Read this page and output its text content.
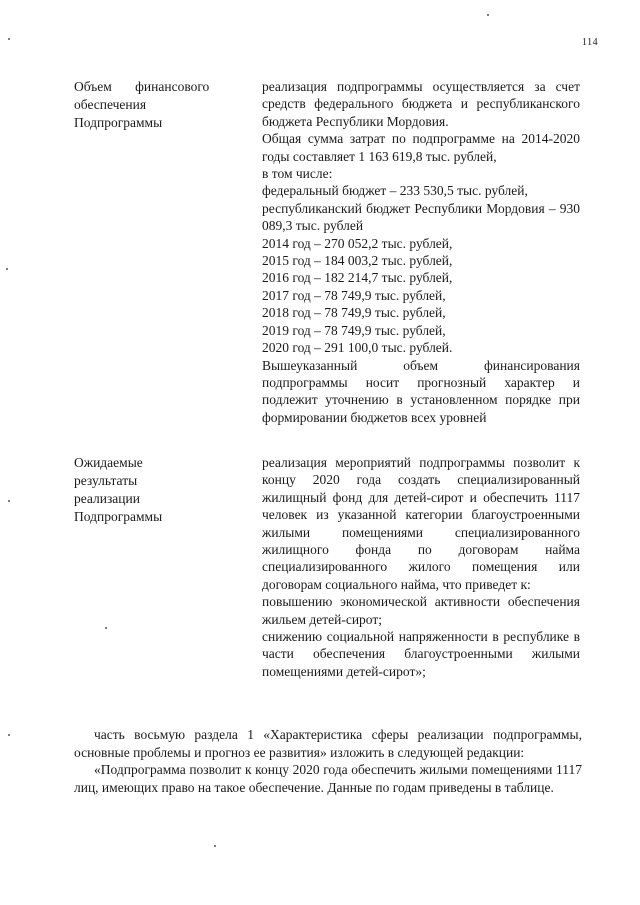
114
Объем финансового
обеспечения
Подпрограммы

реализация подпрограммы осуществляется за счет средств федерального бюджета и республиканского бюджета Республики Мордовия.

Общая сумма затрат по подпрограмме на 2014-2020 годы составляет 1 163 619,8 тыс. рублей,

в том числе:

федеральный бюджет – 233 530,5 тыс. рублей,

республиканский бюджет Республики Мордовия – 930 089,3 тыс. рублей

2014 год – 270 052,2 тыс. рублей,

2015 год – 184 003,2 тыс. рублей,

2016 год – 182 214,7 тыс. рублей,

2017 год – 78 749,9 тыс. рублей,

2018 год – 78 749,9 тыс. рублей,

2019 год – 78 749,9 тыс. рублей,

2020 год – 291 100,0 тыс. рублей.

Вышеуказанный объем финансирования подпрограммы носит прогнозный характер и подлежит уточнению в установленном порядке при формировании бюджетов всех уровней

Ожидаемые
результаты
реализации
Подпрограммы

реализация мероприятий подпрограммы позволит к концу 2020 года создать специализированный жилищный фонд для детей-сирот и обеспечить 1117 человек из указанной категории благоустроенными жилыми помещениями специализированного жилищного фонда по договорам найма специализированного жилого помещения или договорам социального найма, что приведет к:

повышению экономической активности обеспечения жильем детей-сирот;

снижению социальной напряженности в республике в части обеспечения благоустроенными жилыми помещениями детей-сирот»;

часть восьмую раздела 1 «Характеристика сферы реализации подпрограммы, основные проблемы и прогноз ее развития» изложить в следующей редакции:

«Подпрограмма позволит к концу 2020 года обеспечить жилыми помещениями 1117 лиц, имеющих право на такое обеспечение. Данные по годам приведены в таблице.
